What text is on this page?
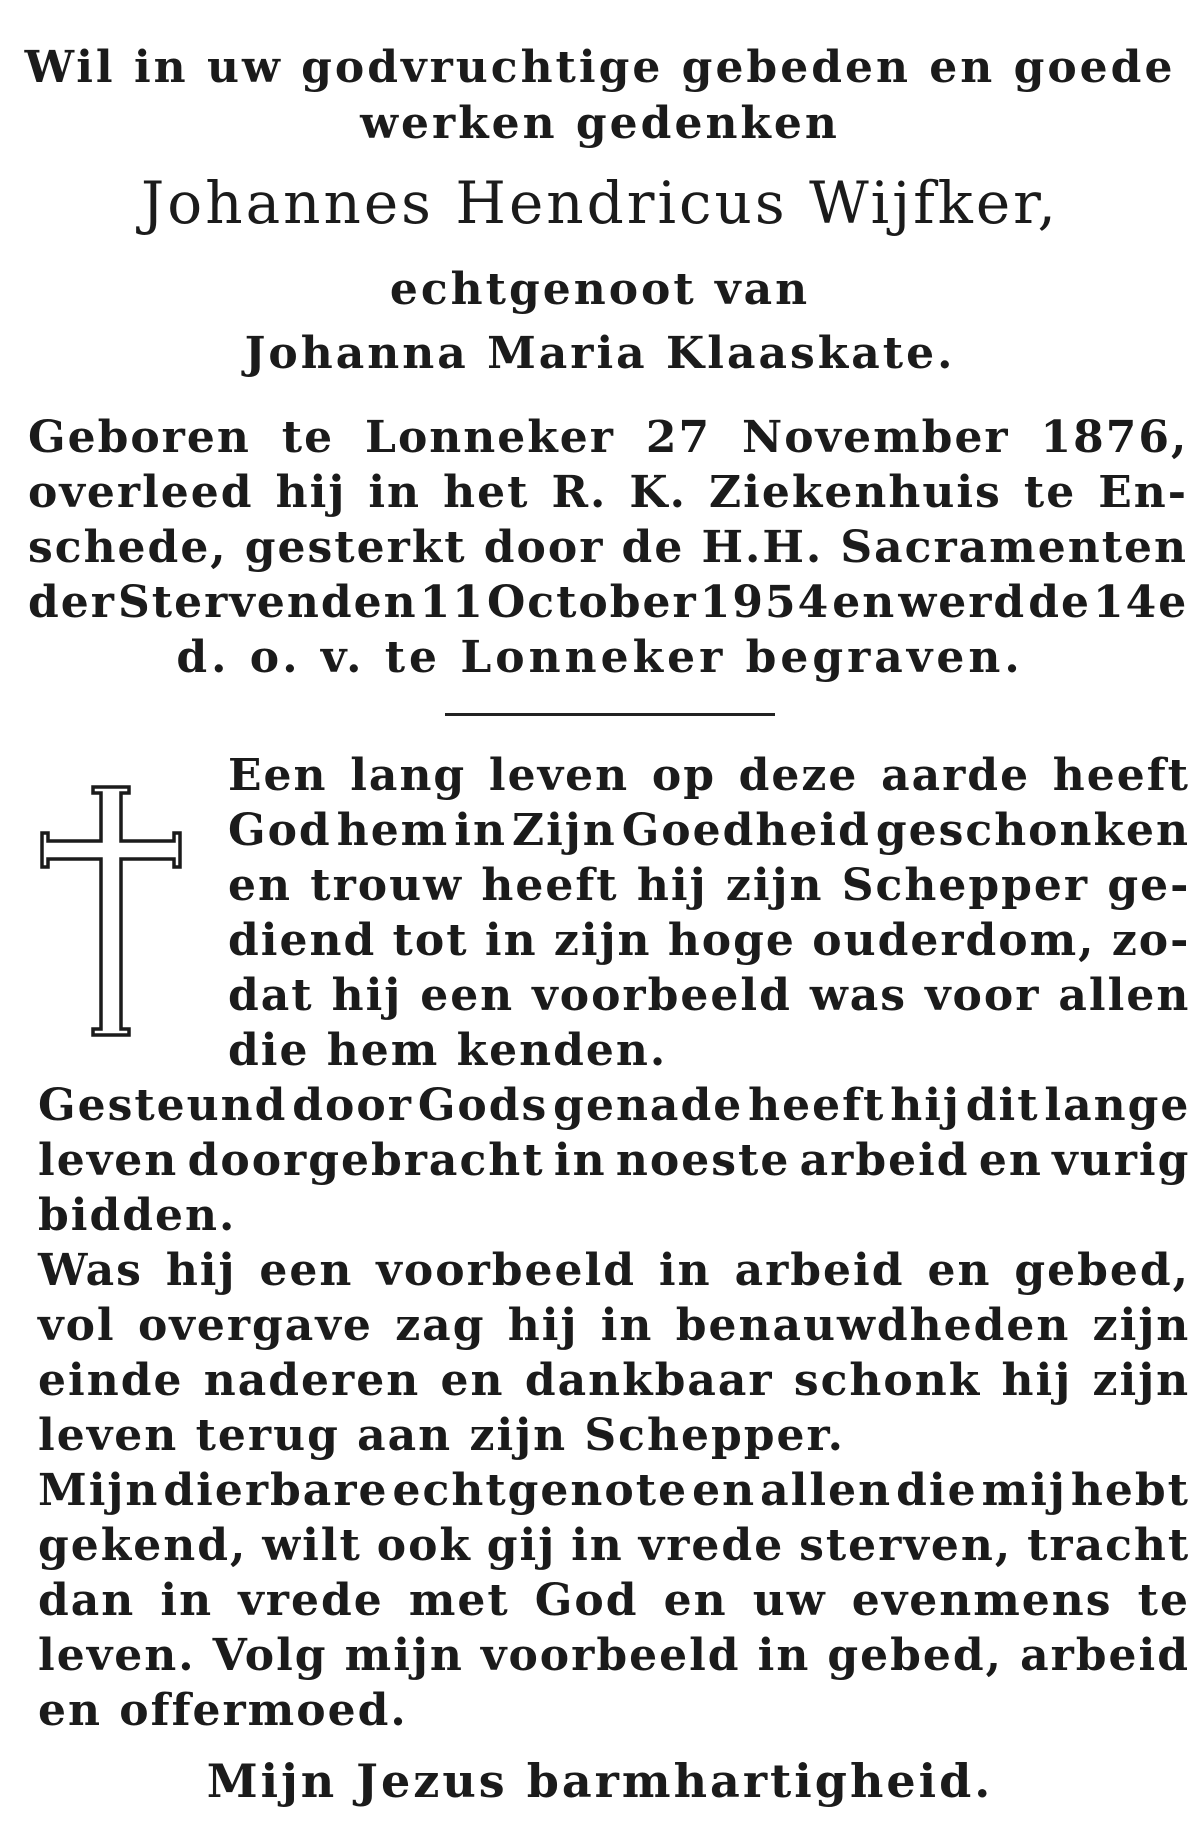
Wil in uw godvruchtige gebeden en goede
werken gedenken
Johannes Hendricus Wijfker,
echtgenoot van
Johanna Maria Klaaskate.
Geboren te Lonneker 27 November 1876,
overleed hij in het R. K. Ziekenhuis te En-
schede, gesterkt door de H.H. Sacramenten
der Stervenden 11 October 1954 en werd de 14e
d. o. v. te Lonneker begraven.
Een lang leven op deze aarde heeft
God hem in Zijn Goedheid geschonken
en trouw heeft hij zijn Schepper ge-
diend tot in zijn hoge ouderdom, zo-
dat hij een voorbeeld was voor allen
die hem kenden.
Gesteund door Gods genade heeft hij dit lange
leven doorgebracht in noeste arbeid en vurig
bidden.
Was hij een voorbeeld in arbeid en gebed,
vol overgave zag hij in benauwdheden zijn
einde naderen en dankbaar schonk hij zijn
leven terug aan zijn Schepper.
Mijn dierbare echtgenote en allen die mij hebt
gekend, wilt ook gij in vrede sterven, tracht
dan in vrede met God en uw evenmens te
leven. Volg mijn voorbeeld in gebed, arbeid
en offermoed.
Mijn Jezus barmhartigheid.
